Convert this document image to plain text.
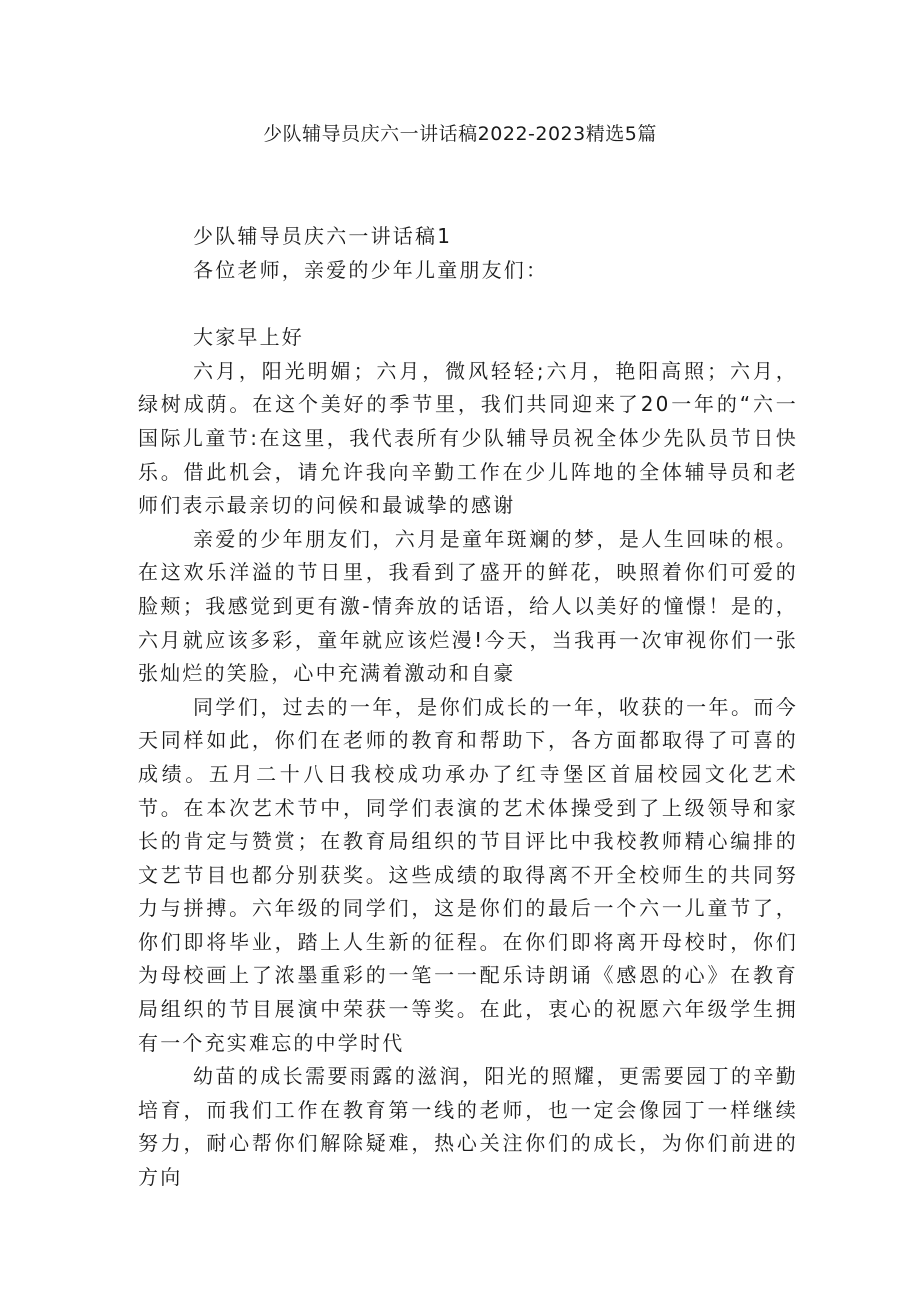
少队辅导员庆六一讲话稿2022-2023精选5篇

少队辅导员庆六一讲话稿1

各位老师，亲爱的少年儿童朋友们：

大家早上好

六月，阳光明媚；六月，微风轻轻;六月，艳阳高照；六月，绿树成荫。在这个美好的季节里，我们共同迎来了20一年的“六一国际儿童节:在这里，我代表所有少队辅导员祝全体少先队员节日快乐。借此机会，请允许我向辛勤工作在少儿阵地的全体辅导员和老师们表示最亲切的问候和最诚挚的感谢

亲爱的少年朋友们，六月是童年斑斓的梦，是人生回味的根。在这欢乐洋溢的节日里，我看到了盛开的鲜花，映照着你们可爱的脸颊；我感觉到更有激-情奔放的话语，给人以美好的憧憬！是的，六月就应该多彩，童年就应该烂漫!今天，当我再一次审视你们一张张灿烂的笑脸，心中充满着激动和自豪

同学们，过去的一年，是你们成长的一年，收获的一年。而今天同样如此，你们在老师的教育和帮助下，各方面都取得了可喜的成绩。五月二十八日我校成功承办了红寺堡区首届校园文化艺术节。在本次艺术节中，同学们表演的艺术体操受到了上级领导和家长的肯定与赞赏；在教育局组织的节目评比中我校教师精心编排的文艺节目也都分别获奖。这些成绩的取得离不开全校师生的共同努力与拼搏。六年级的同学们，这是你们的最后一个六一儿童节了，你们即将毕业，踏上人生新的征程。在你们即将离开母校时，你们为母校画上了浓墨重彩的一笔一一配乐诗朗诵《感恩的心》在教育局组织的节目展演中荣获一等奖。在此，衷心的祝愿六年级学生拥有一个充实难忘的中学时代

幼苗的成长需要雨露的滋润，阳光的照耀，更需要园丁的辛勤培育，而我们工作在教育第一线的老师，也一定会像园丁一样继续努力，耐心帮你们解除疑难，热心关注你们的成长，为你们前进的方向
